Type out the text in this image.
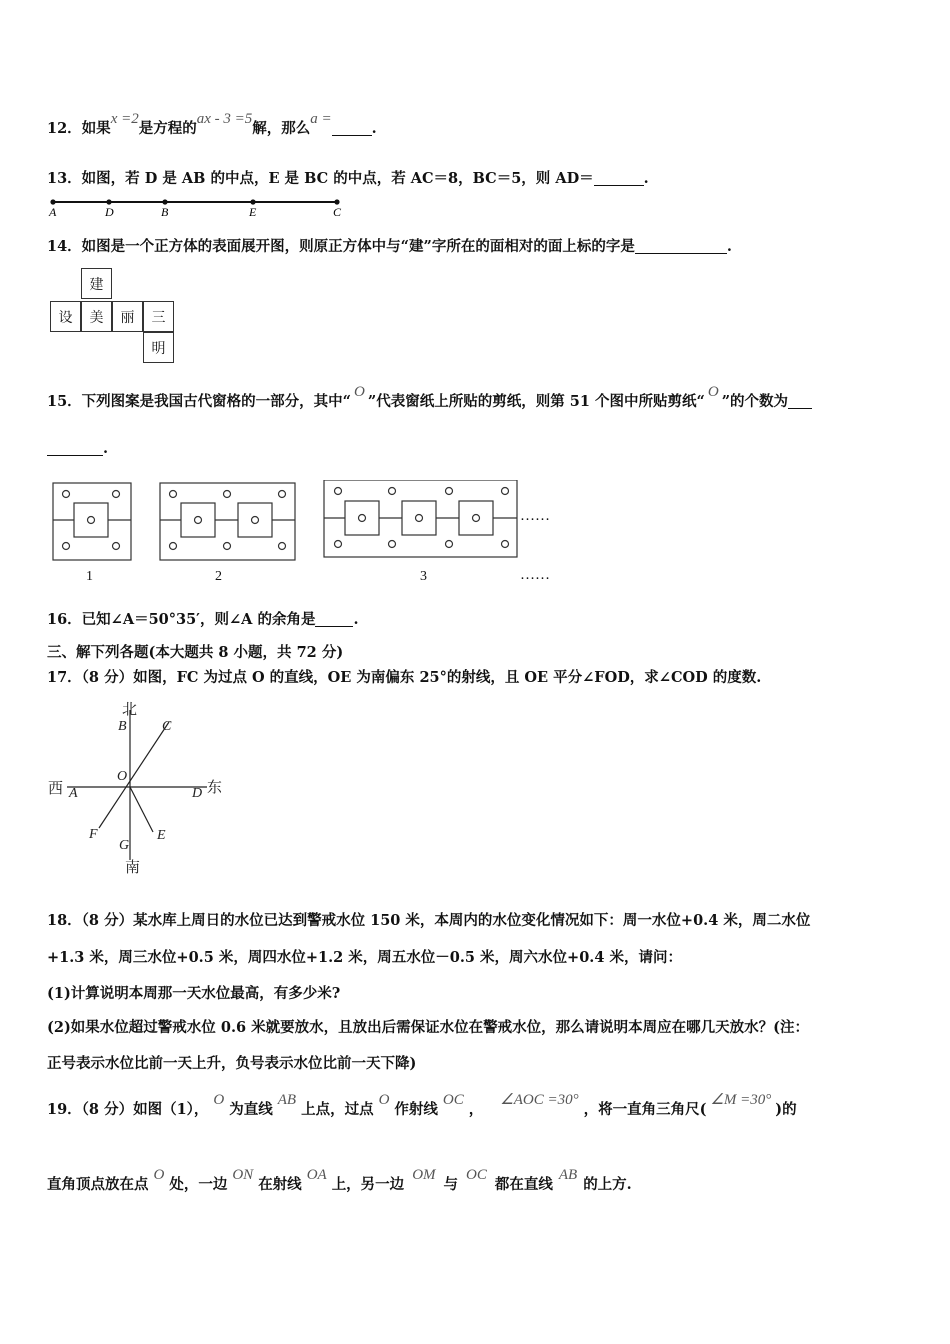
12．如果x =2是方程的ax - 3 =5解，那么a =.
13．如图，若 D 是 AB 的中点，E 是 BC 的中点，若 AC＝8，BC＝5，则 AD＝	.
A	D	B	E	C
14．如图是一个正方体的表面展开图，则原正方体中与“建”字所在的面相对的面上标的字是	.
建
设	美	丽	三
明
15．下列图案是我国古代窗格的一部分，其中“O”代表窗纸上所贴的剪纸，则第 51 个图中所贴剪纸“O”的个数为
.
……
1	2	3	……
16．已知∠A＝50°35′，则∠A 的余角是	.
三、解下列各题(本大题共 8 小题，共 72 分)
17．（8 分）如图，FC 为过点 O 的直线，OE 为南偏东 25°的射线，且 OE 平分∠FOD，求∠COD 的度数.
北
南
西	东
B	C
O
A	D
F	E
G
18．（8 分）某水库上周日的水位已达到警戒水位 150 米，本周内的水位变化情况如下：周一水位+0.4 米，周二水位
+1.3 米，周三水位+0.5 米，周四水位+1.2 米，周五水位－0.5 米，周六水位+0.4 米，请问：
(1)计算说明本周那一天水位最高，有多少米?
(2)如果水位超过警戒水位 0.6 米就要放水，且放出后需保证水位在警戒水位，那么请说明本周应在哪几天放水？(注：
正号表示水位比前一天上升，负号表示水位比前一天下降)
19．（8 分）如图（1），O为直线AB上点，过点O作射线OC，∠AOC =30°，将一直角三角尺(∠M =30°)的
直角顶点放在点O处，一边ON在射线OA上，另一边OM与OC都在直线AB的上方.
